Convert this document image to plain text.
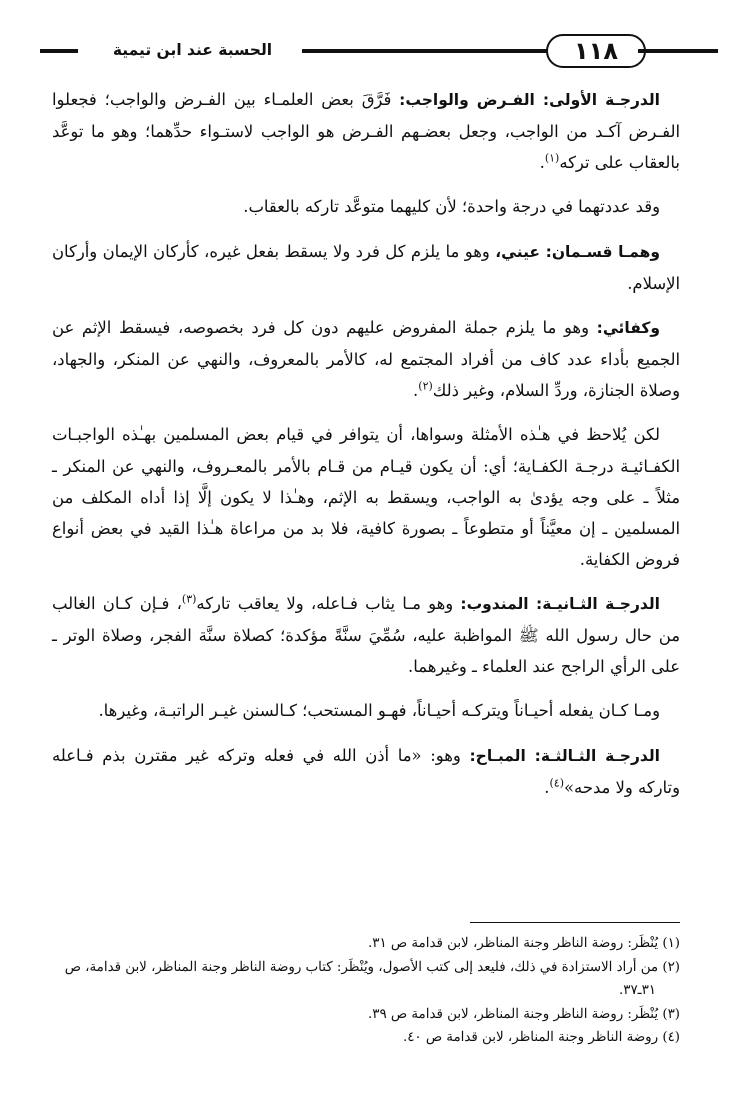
الحسبة عند ابن تيمية	١١٨

الدرجـة الأولى: الفـرض والواجب: فَرَّقَ بعض العلمـاء بين الفـرض والواجب؛ فجعلوا الفـرض آكـد من الواجب، وجعل بعضـهم الفـرض هو الواجب لاستـواء حدِّهما؛ وهو ما توعَّد بالعقاب على تركه$^{(١)}$.

وقد عددتهما في درجة واحدة؛ لأن كليهما متوعَّد تاركه بالعقاب.

وهمـا قسـمان: عيني، وهو ما يلزم كل فرد ولا يسقط بفعل غيره، كأركان الإيمان وأركان الإسلام.

وكفائي: وهو ما يلزم جملة المفروض عليهم دون كل فرد بخصوصه، فيسقط الإثم عن الجميع بأداء عدد كاف من أفراد المجتمع له، كالأمر بالمعروف، والنهي عن المنكر، والجهاد، وصلاة الجنازة، وردِّ السلام، وغير ذلك$^{(٢)}$.

لكن يُلاحظ في هـٰذه الأمثلة وسواها، أن يتوافر في قيام بعض المسلمين بهـٰذه الواجبـات الكفـائيـة درجـة الكفـاية؛ أي: أن يكون قيـام من قـام بالأمر بالمعـروف، والنهي عن المنكر ـ مثلاً ـ على وجه يؤدىٰ به الواجب، ويسقط به الإثم، وهـٰذا لا يكون إلَّا إذا أداه المكلف من المسلمين ـ إن معيَّناً أو متطوعاً ـ بصورة كافية، فلا بد من مراعاة هـٰذا القيد في بعض أنواع فروض الكفاية.

الدرجـة الثـانيـة: المندوب: وهو مـا يثاب فـاعله، ولا يعاقب تاركه$^{(٣)}$، فـإن كـان الغالب من حال رسول الله ﷺ المواظبة عليه، سُمِّيَ سنَّةً مؤكدة؛ كصلاة سنَّة الفجر، وصلاة الوتر ـ على الرأي الراجح عند العلماء ـ وغيرهما.

ومـا كـان يفعله أحيـاناً ويتركـه أحيـاناً، فهـو المستحب؛ كـالسنن غيـر الراتبـة، وغيرها.

الدرجـة الثـالثـة: المبـاح: وهو: «ما أذن الله في فعله وتركه غير مقترن بذم فـاعله وتاركه ولا مدحه»$^{(٤)}$.

(١) يُنْظَر: روضة الناظر وجنة المناظر، لابن قدامة ص ٣١.

(٢) من أراد الاستزادة في ذلك، فليعد إلى كتب الأصول، ويُنْظَر: كتاب روضة الناظر وجنة المناظر، لابن قدامة، ص ٣١ـ٣٧.

(٣) يُنْظَر: روضة الناظر وجنة المناظر، لابن قدامة ص ٣٩.

(٤) روضة الناظر وجنة المناظر، لابن قدامة ص ٤٠.
